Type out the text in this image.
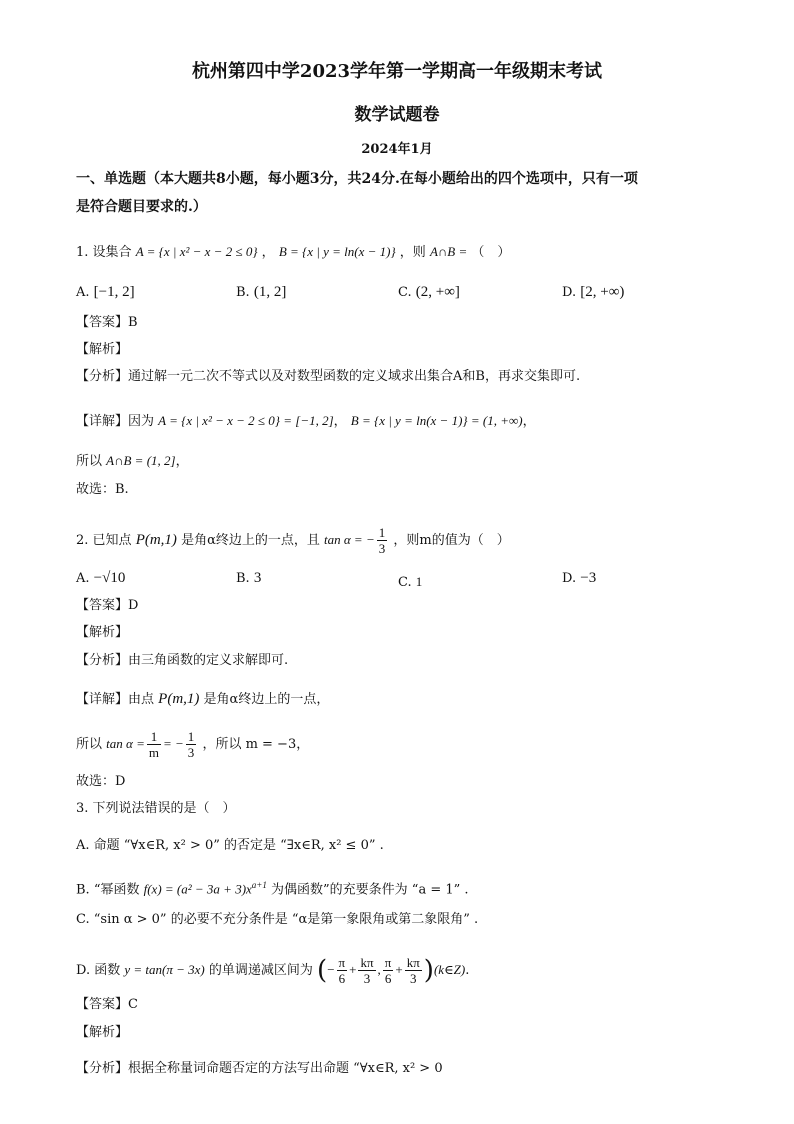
杭州第四中学2023学年第一学期高一年级期末考试
数学试题卷
2024年1月
一、单选题（本大题共8小题，每小题3分，共24分.在每小题给出的四个选项中，只有一项
是符合题目要求的.）
1. 设集合 A = {x | x² − x − 2 ≤ 0} ， B = {x | y = ln(x − 1)} ，则 A∩B = （　）
A. [−1, 2]	B. (1, 2]	C. (2, +∞]	D. [2, +∞)
【答案】B
【解析】
【分析】通过解一元二次不等式以及对数型函数的定义域求出集合A和B，再求交集即可.
【详解】因为 A = {x | x² − x − 2 ≤ 0} = [−1, 2]， B = {x | y = ln(x − 1)} = (1, +∞)，
所以 A∩B = (1, 2]，
故选：B.
2. 已知点 P(m,1) 是角α终边上的一点，且 tan α = − $\frac{1}{3}$ ，则m的值为（　）
A. −√10	B. 3	C. 1	D. −3
【答案】D
【解析】
【分析】由三角函数的定义求解即可.
【详解】由点 P(m,1) 是角α终边上的一点，
所以 $\tan \alpha = \frac{1}{m}$ = − $\frac{1}{3}$ ，所以 m = −3，
故选：D
3. 下列说法错误的是（　）
A. 命题 “∀x∈R, x² > 0” 的否定是 “∃x∈R, x² ≤ 0” .
B. “幂函数 $f(x) = (a^2 - 3a + 3)x^{a+1}$ 为偶函数”的充要条件为 “a = 1” .
C. “sin α > 0” 的必要不充分条件是 “α是第一象限角或第二象限角” .
D. 函数 y = tan(π − 3x) 的单调递减区间为 (− $\frac{\pi}{6} + \frac{k\pi}{3}$ , $\frac{\pi}{6} + \frac{k\pi}{3}$ )(k∈Z).
【答案】C
【解析】
【分析】根据全称量词命题否定的方法写出命题 “∀x∈R, x² > 0
